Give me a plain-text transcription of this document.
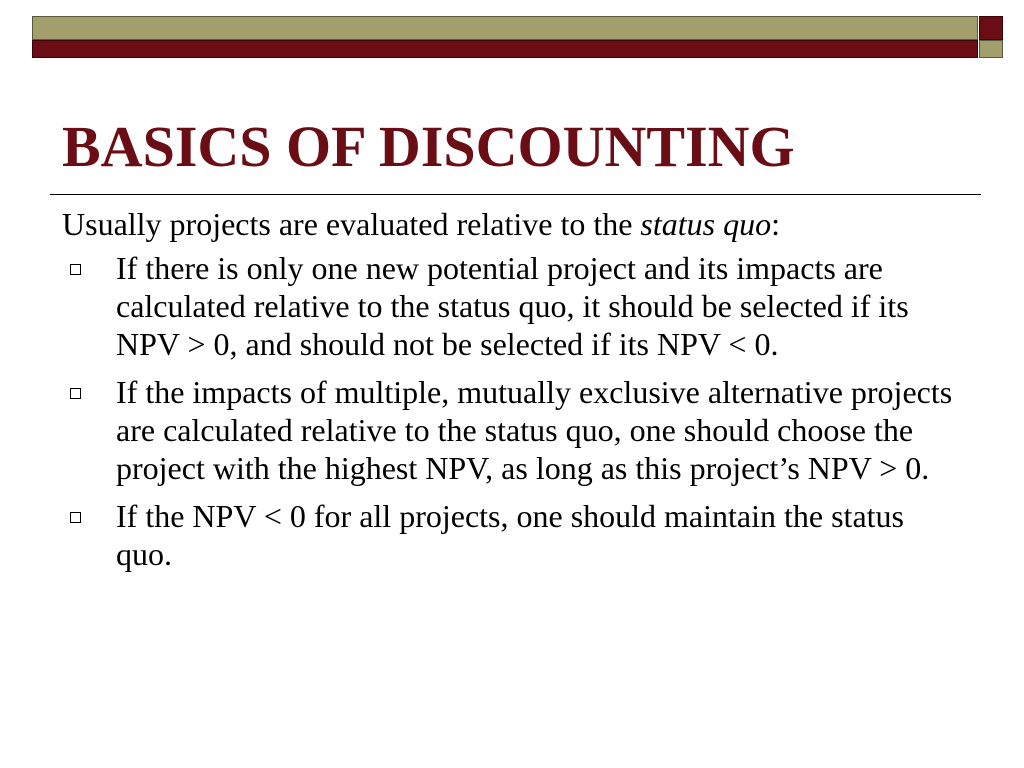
BASICS OF DISCOUNTING

Usually projects are evaluated relative to the status quo:

If there is only one new potential project and its impacts are calculated relative to the status quo, it should be selected if its NPV > 0, and should not be selected if its NPV < 0.
If the impacts of multiple, mutually exclusive alternative projects are calculated relative to the status quo, one should choose the project with the highest NPV, as long as this project’s NPV > 0.
If the NPV < 0 for all projects, one should maintain the status quo.
